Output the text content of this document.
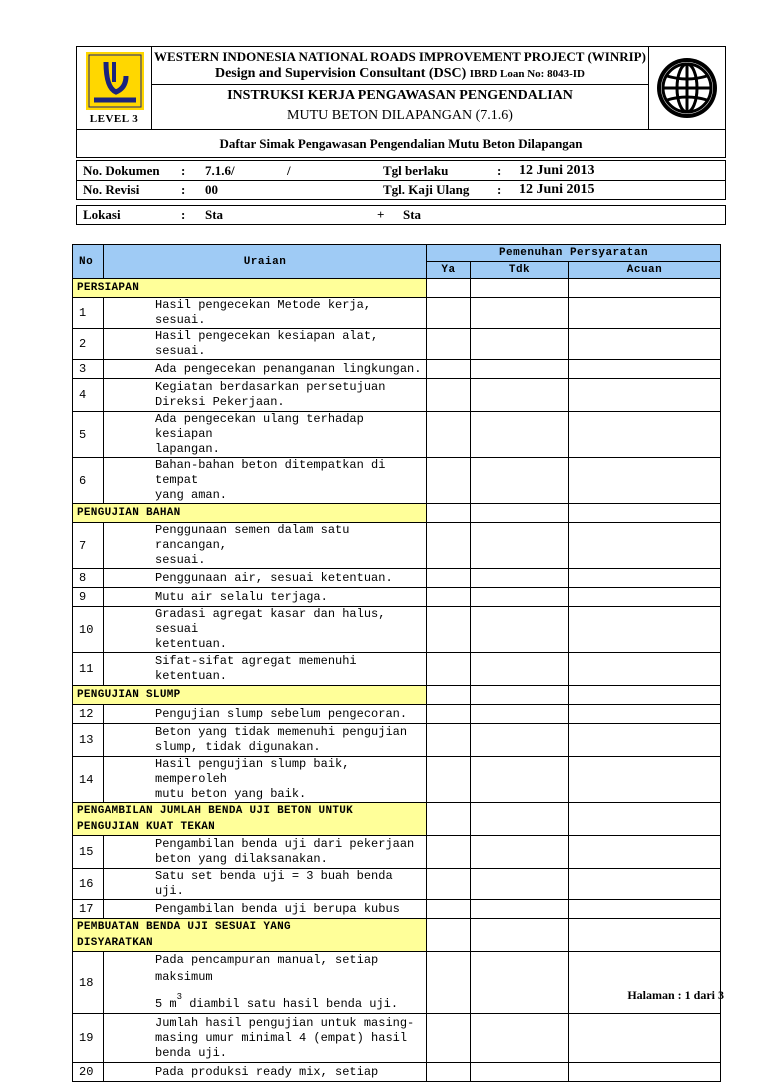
LEVEL 3
WESTERN INDONESIA NATIONAL ROADS IMPROVEMENT PROJECT (WINRIP)
Design and Supervision Consultant (DSC) IBRD Loan No: 8043-ID
INSTRUKSI KERJA PENGAWASAN PENGENDALIAN
MUTU BETON DILAPANGAN (7.1.6)
Daftar Simak Pengawasan Pengendalian Mutu Beton Dilapangan
No. Dokumen : 7.1.6/	/	Tgl berlaku	: 12 Juni 2013
No. Revisi	: 00	Tgl. Kaji Ulang : 12 Juni 2015
Lokasi	: Sta	+ Sta
No	Uraian	Pemenuhan Persyaratan		
		Ya	Tdk	Acuan
PERSIAPAN				
1	Hasil pengecekan Metode kerja, sesuai.			
2	Hasil pengecekan kesiapan alat, sesuai.			
3	Ada pengecekan penanganan lingkungan.			
4	Kegiatan berdasarkan persetujuan
Direksi Pekerjaan.			

5	Ada pengecekan ulang terhadap kesiapan
lapangan.			

6	Bahan-bahan beton ditempatkan di tempat
yang aman.			

PENGUJIAN BAHAN				
7	Penggunaan semen dalam satu rancangan,
sesuai.			

8	Penggunaan air, sesuai ketentuan.			
9	Mutu air selalu terjaga.			
10	Gradasi agregat kasar dan halus, sesuai
ketentuan.			

11	Sifat-sifat agregat memenuhi
ketentuan.			

PENGUJIAN SLUMP				
12	Pengujian slump sebelum pengecoran.			
13	Beton yang tidak memenuhi pengujian
slump, tidak digunakan.			

14	Hasil pengujian slump baik, memperoleh
mutu beton yang baik.			

PENGAMBILAN JUMLAH BENDA UJI BETON UNTUK
PENGUJIAN KUAT TEKAN				

15	Pengambilan benda uji dari pekerjaan
beton yang dilaksanakan.			

16	Satu set benda uji = 3 buah benda uji.			
17	Pengambilan benda uji berupa kubus			

PEMBUATAN BENDA UJI SESUAI YANG
DISYARATKAN				

18	Pada pencampuran manual, setiap maksimum
5 $m^3$ diambil satu hasil benda uji.			

19	Jumlah hasil pengujian untuk masing-
masing umur minimal 4 (empat) hasil
benda uji.			

20	Pada produksi ready mix, setiap			
Halaman : 1 dari 3
